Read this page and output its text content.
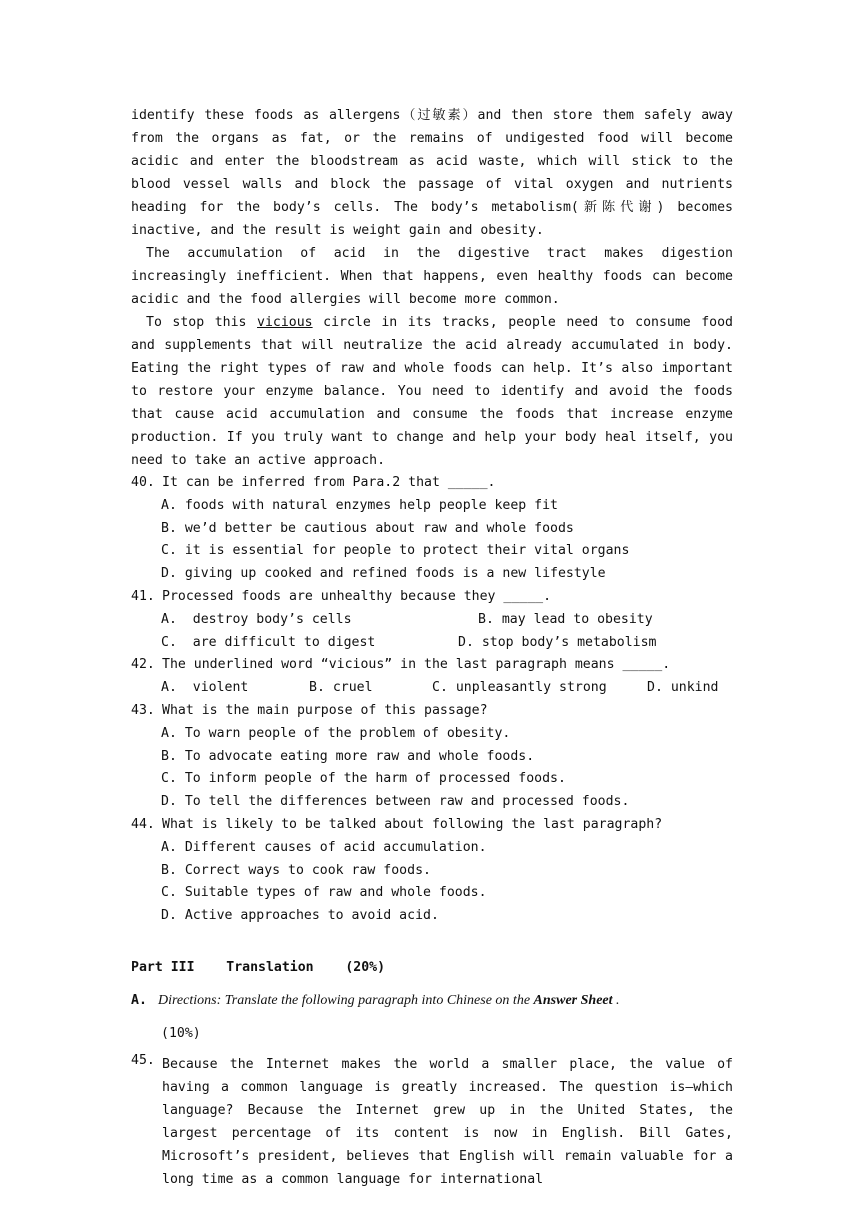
identify these foods as allergens（过敏素）and then store them safely away from the organs as fat, or the remains of undigested food will become acidic and enter the bloodstream as acid waste, which will stick to the blood vessel walls and block the passage of vital oxygen and nutrients heading for the body’s cells. The body’s metabolism(新陈代谢) becomes inactive, and the result is weight gain and obesity.

The accumulation of acid in the digestive tract makes digestion increasingly inefficient. When that happens, even healthy foods can become acidic and the food allergies will become more common.

To stop this vicious circle in its tracks, people need to consume food and supplements that will neutralize the acid already accumulated in body. Eating the right types of raw and whole foods can help. It’s also important to restore your enzyme balance. You need to identify and avoid the foods that cause acid accumulation and consume the foods that increase enzyme production. If you truly want to change and help your body heal itself, you need to take an active approach.

40. It can be inferred from Para.2 that _____.
A. foods with natural enzymes help people keep fit
B. we’d better be cautious about raw and whole foods
C. it is essential for people to protect their vital organs
D. giving up cooked and refined foods is a new lifestyle
41. Processed foods are unhealthy because they _____.
A.  destroy body’s cells	B. may lead to obesity
C.  are difficult to digest	D. stop body’s metabolism
42. The underlined word “vicious” in the last paragraph means _____.
A.  violent	B. cruel	C. unpleasantly strong	D. unkind
43. What is the main purpose of this passage?
A. To warn people of the problem of obesity.
B. To advocate eating more raw and whole foods.
C. To inform people of the harm of processed foods.
D. To tell the differences between raw and processed foods.
44. What is likely to be talked about following the last paragraph?
A. Different causes of acid accumulation.
B. Correct ways to cook raw foods.
C. Suitable types of raw and whole foods.
D. Active approaches to avoid acid.
Part III    Translation    (20%)
A. Directions: Translate the following paragraph into Chinese on the Answer Sheet .
(10%)
45. Because the Internet makes the world a smaller place, the value of having a common language is greatly increased. The question is—which language? Because the Internet grew up in the United States, the largest percentage of its content is now in English. Bill Gates, Microsoft’s president, believes that English will remain valuable for a long time as a common language for international
